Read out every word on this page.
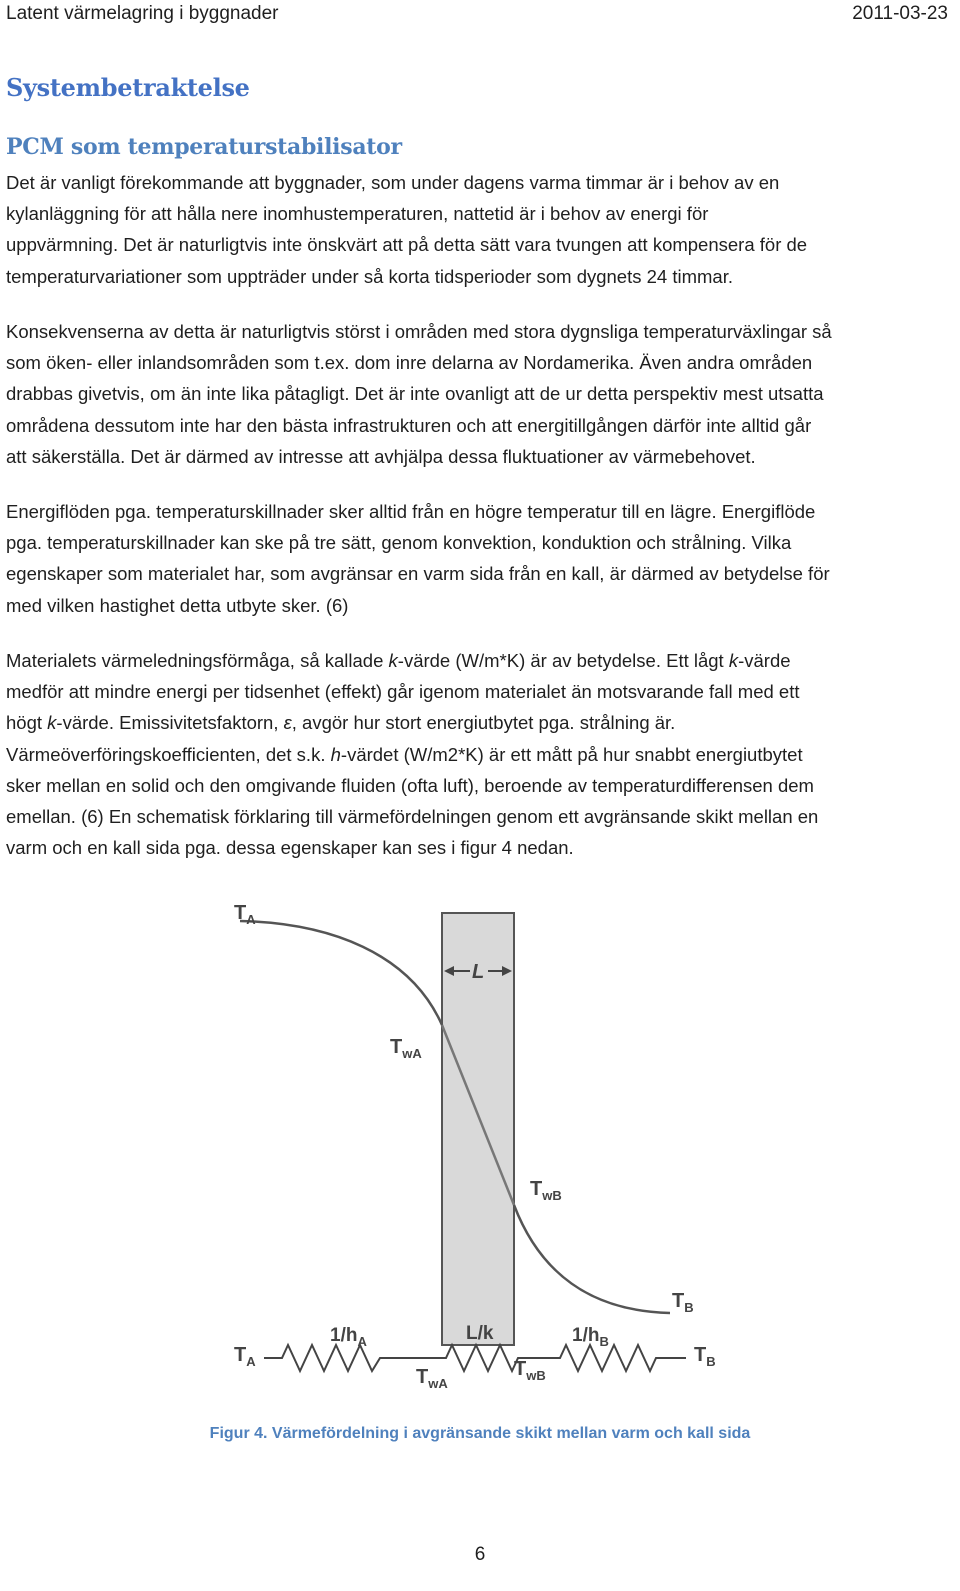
Latent värmelagring i byggnader	2011-03-23
Systembetraktelse
PCM som temperaturstabilisator
Det är vanligt förekommande att byggnader, som under dagens varma timmar är i behov av en
kylanläggning för att hålla nere inomhustemperaturen, nattetid är i behov av energi för
uppvärmning. Det är naturligtvis inte önskvärt att på detta sätt vara tvungen att kompensera för de
temperaturvariationer som uppträder under så korta tidsperioder som dygnets 24 timmar.
Konsekvenserna av detta är naturligtvis störst i områden med stora dygnsliga temperaturväxlingar så
som öken- eller inlandsområden som t.ex. dom inre delarna av Nordamerika. Även andra områden
drabbas givetvis, om än inte lika påtagligt. Det är inte ovanligt att de ur detta perspektiv mest utsatta
områdena dessutom inte har den bästa infrastrukturen och att energitillgången därför inte alltid går
att säkerställa. Det är därmed av intresse att avhjälpa dessa fluktuationer av värmebehovet.
Energiflöden pga. temperaturskillnader sker alltid från en högre temperatur till en lägre. Energiflöde
pga. temperaturskillnader kan ske på tre sätt, genom konvektion, konduktion och strålning. Vilka
egenskaper som materialet har, som avgränsar en varm sida från en kall, är därmed av betydelse för
med vilken hastighet detta utbyte sker. (6)
Materialets värmeledningsförmåga, så kallade k-värde (W/m*K) är av betydelse. Ett lågt k-värde
medför att mindre energi per tidsenhet (effekt) går igenom materialet än motsvarande fall med ett
högt k-värde. Emissivitetsfaktorn, ε, avgör hur stort energiutbytet pga. strålning är.
Värmeöverföringskoefficienten, det s.k. h-värdet (W/m2*K) är ett mått på hur snabbt energiutbytet
sker mellan en solid och den omgivande fluiden (ofta luft), beroende av temperaturdifferensen dem
emellan. (6) En schematisk förklaring till värmefördelningen genom ett avgränsande skikt mellan en
varm och en kall sida pga. dessa egenskaper kan ses i figur 4 nedan.
$T_A$
L
$T_{wA}$
$T_{wB}$
$T_B$
$T_A$
$1/h_A$	L/k	$1/h_B$
$T_B$
$T_{wA}$
$T_{wB}$
Figur 4. Värmefördelning i avgränsande skikt mellan varm och kall sida
6
